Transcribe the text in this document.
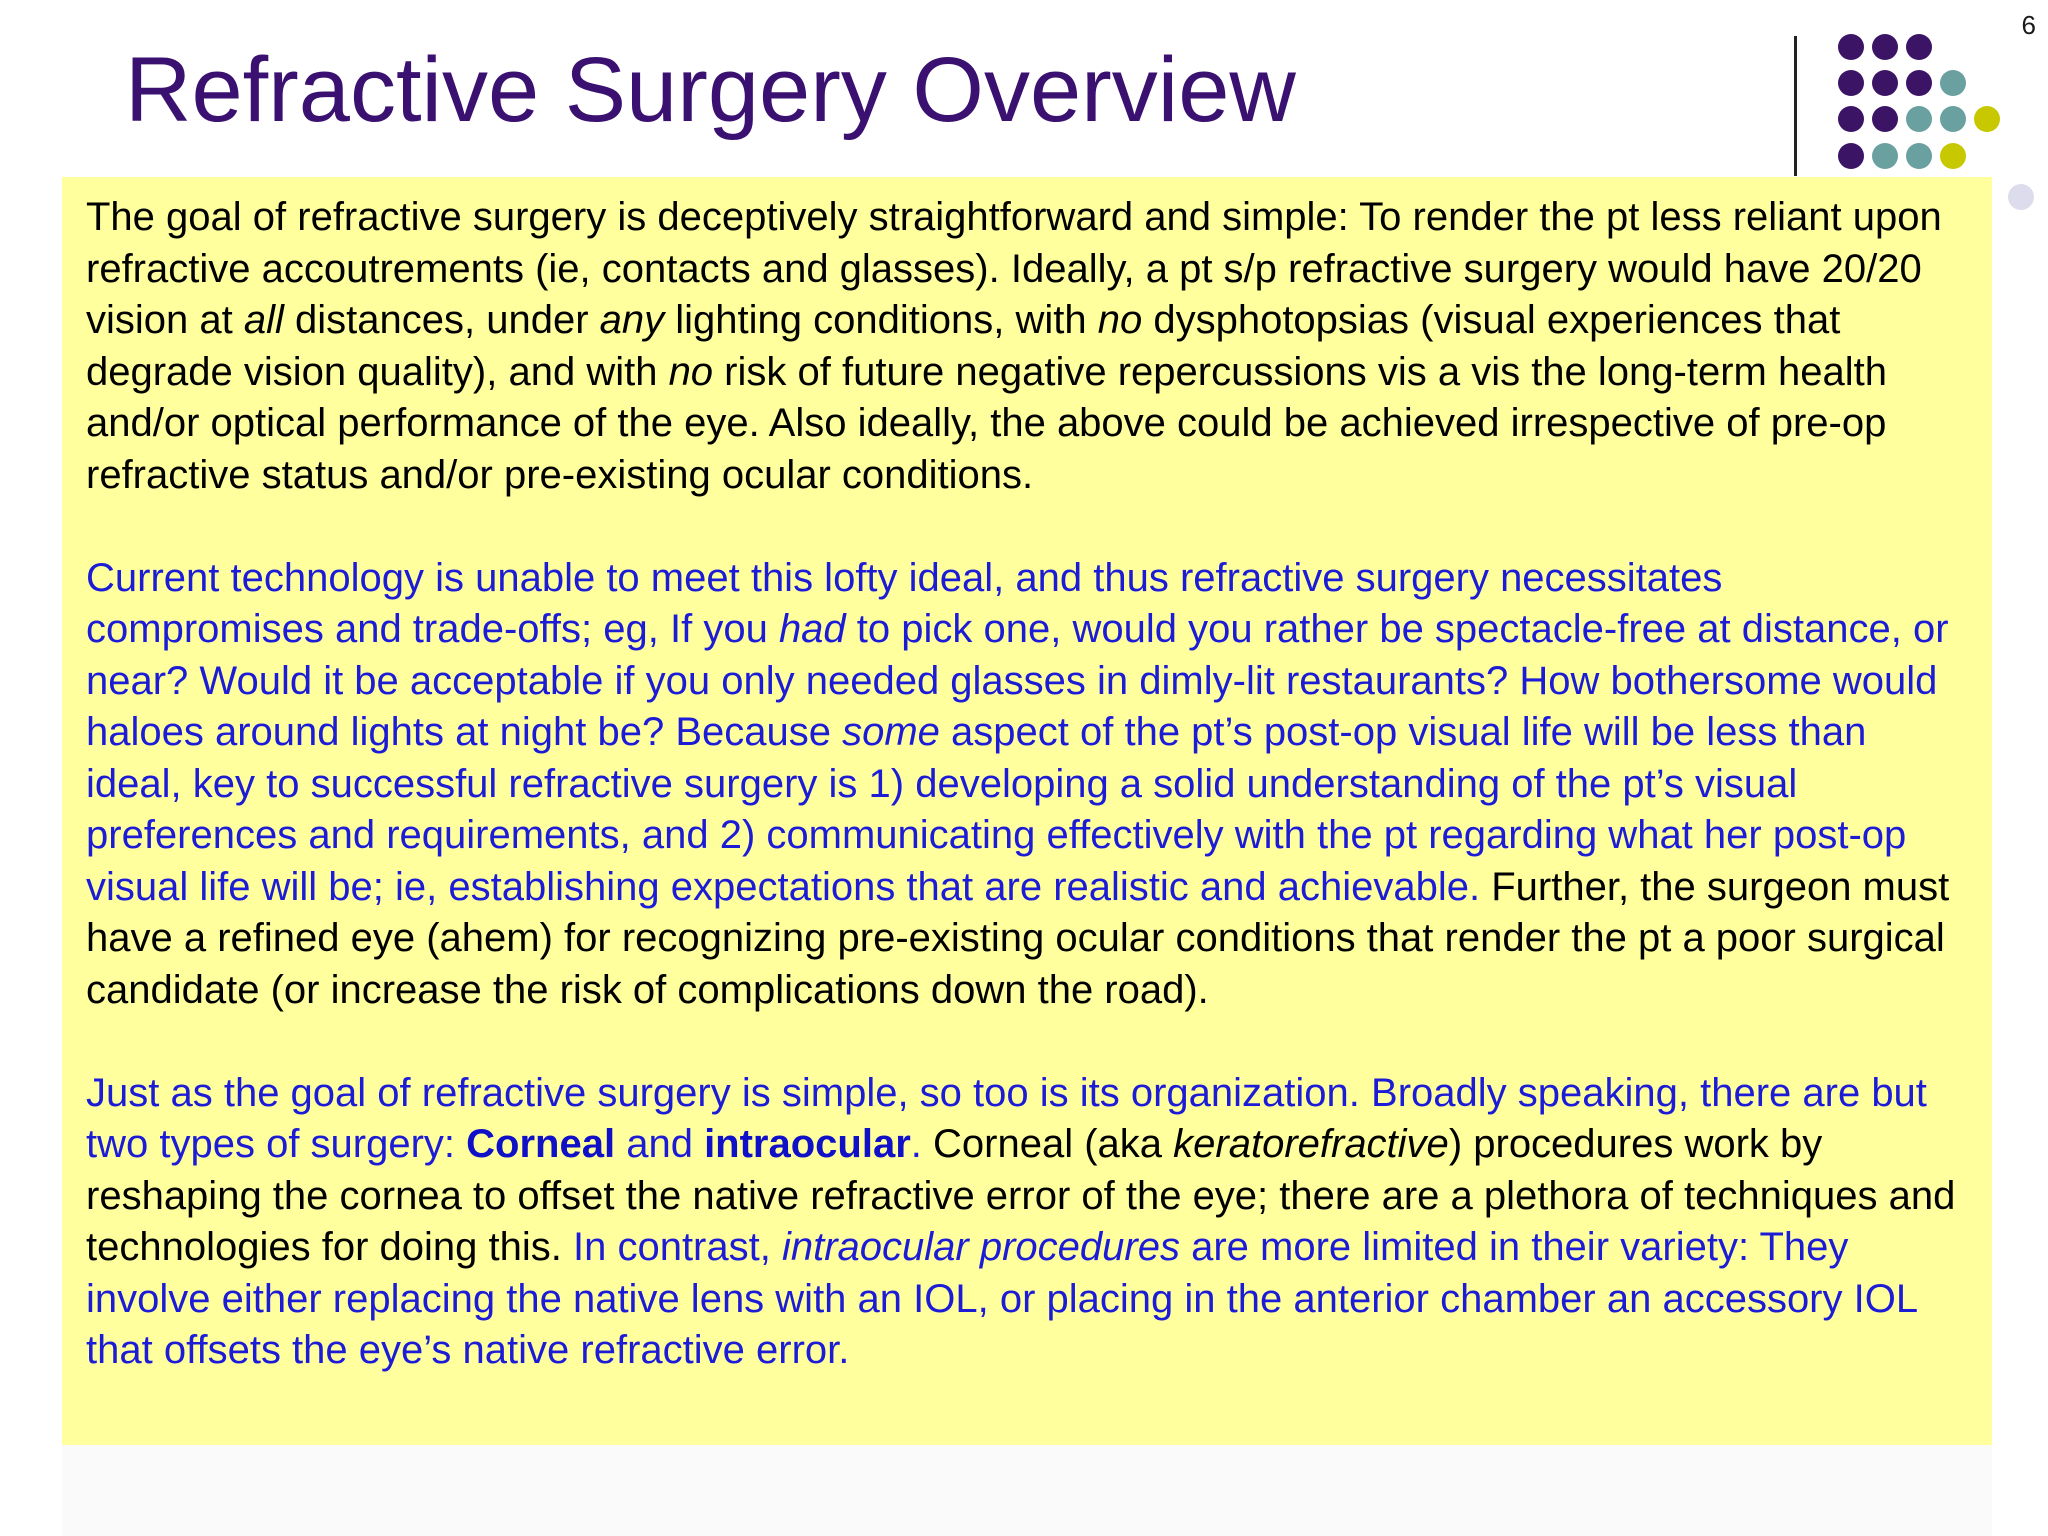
6
Refractive Surgery Overview

The goal of refractive surgery is deceptively straightforward and simple: To render the pt less reliant upon refractive accoutrements (ie, contacts and glasses). Ideally, a pt s/p refractive surgery would have 20/20 vision at all distances, under any lighting conditions, with no dysphotopsias (visual experiences that degrade vision quality), and with no risk of future negative repercussions vis a vis the long-term health and/or optical performance of the eye. Also ideally, the above could be achieved irrespective of pre-op refractive status and/or pre-existing ocular conditions.

Current technology is unable to meet this lofty ideal, and thus refractive surgery necessitates compromises and trade-offs; eg, If you had to pick one, would you rather be spectacle-free at distance, or near? Would it be acceptable if you only needed glasses in dimly-lit restaurants? How bothersome would haloes around lights at night be? Because some aspect of the pt’s post-op visual life will be less than ideal, key to successful refractive surgery is 1) developing a solid understanding of the pt’s visual preferences and requirements, and 2) communicating effectively with the pt regarding what her post-op visual life will be; ie, establishing expectations that are realistic and achievable. Further, the surgeon must have a refined eye (ahem) for recognizing pre-existing ocular conditions that render the pt a poor surgical candidate (or increase the risk of complications down the road).

Just as the goal of refractive surgery is simple, so too is its organization. Broadly speaking, there are but two types of surgery: Corneal and intraocular. Corneal (aka keratorefractive) procedures work by reshaping the cornea to offset the native refractive error of the eye; there are a plethora of techniques and technologies for doing this. In contrast, intraocular procedures are more limited in their variety: They involve either replacing the native lens with an IOL, or placing in the anterior chamber an accessory IOL that offsets the eye’s native refractive error.
